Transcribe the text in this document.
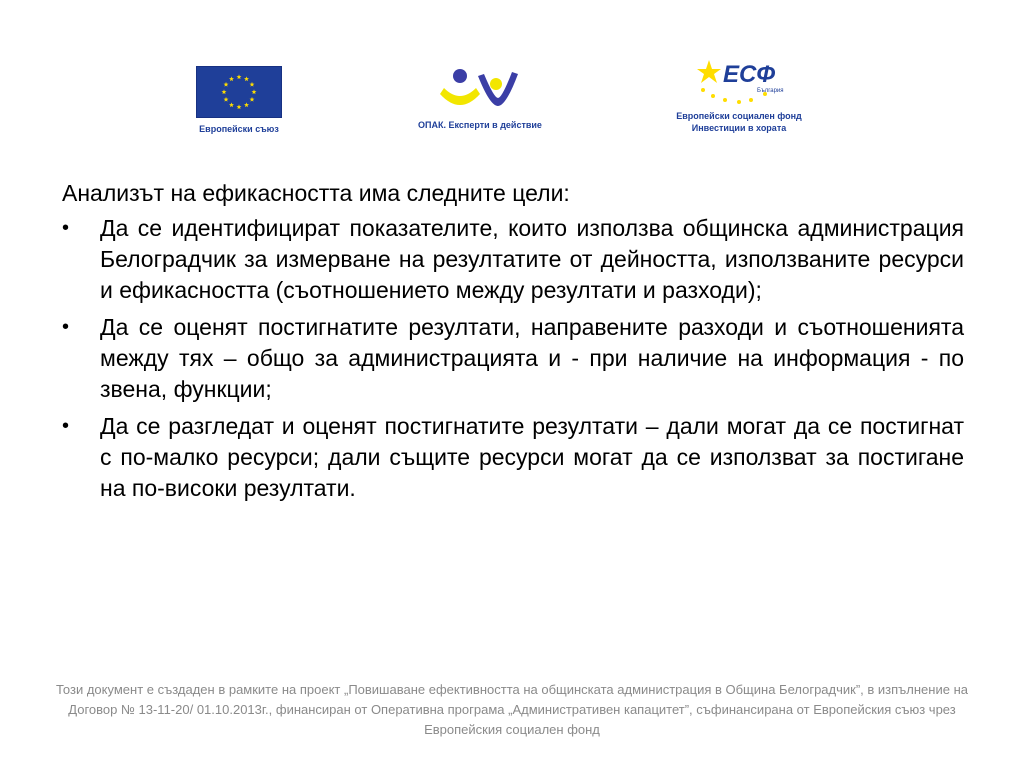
Европейски съюз	ОПАК. Експерти в действие
ЕСФ
България
Европейски социален фонд
Инвестиции в хората

Анализът на ефикасността има следните цели:

•	Да се идентифицират показателите, които използва общинска администрация Белоградчик за измерване на резултатите от дейността, използваните ресурси и ефикасността (съотношението между резултати и разходи);
•	Да се оценят постигнатите резултати, направените разходи и съотношенията между тях – общо за администрацията и - при наличие на информация - по звена, функции;
•	Да се разгледат и оценят постигнатите резултати – дали могат да се постигнат с по-малко ресурси; дали същите ресурси могат да се използват за постигане на по-високи резултати.
Този документ е създаден в рамките на проект „Повишаване ефективността на общинската администрация в Община Белоградчик”, в изпълнение на Договор № 13-11-20/ 01.10.2013г., финансиран от Оперативна програма „Административен капацитет”, съфинансирана от Европейския съюз чрез Европейския социален фонд
